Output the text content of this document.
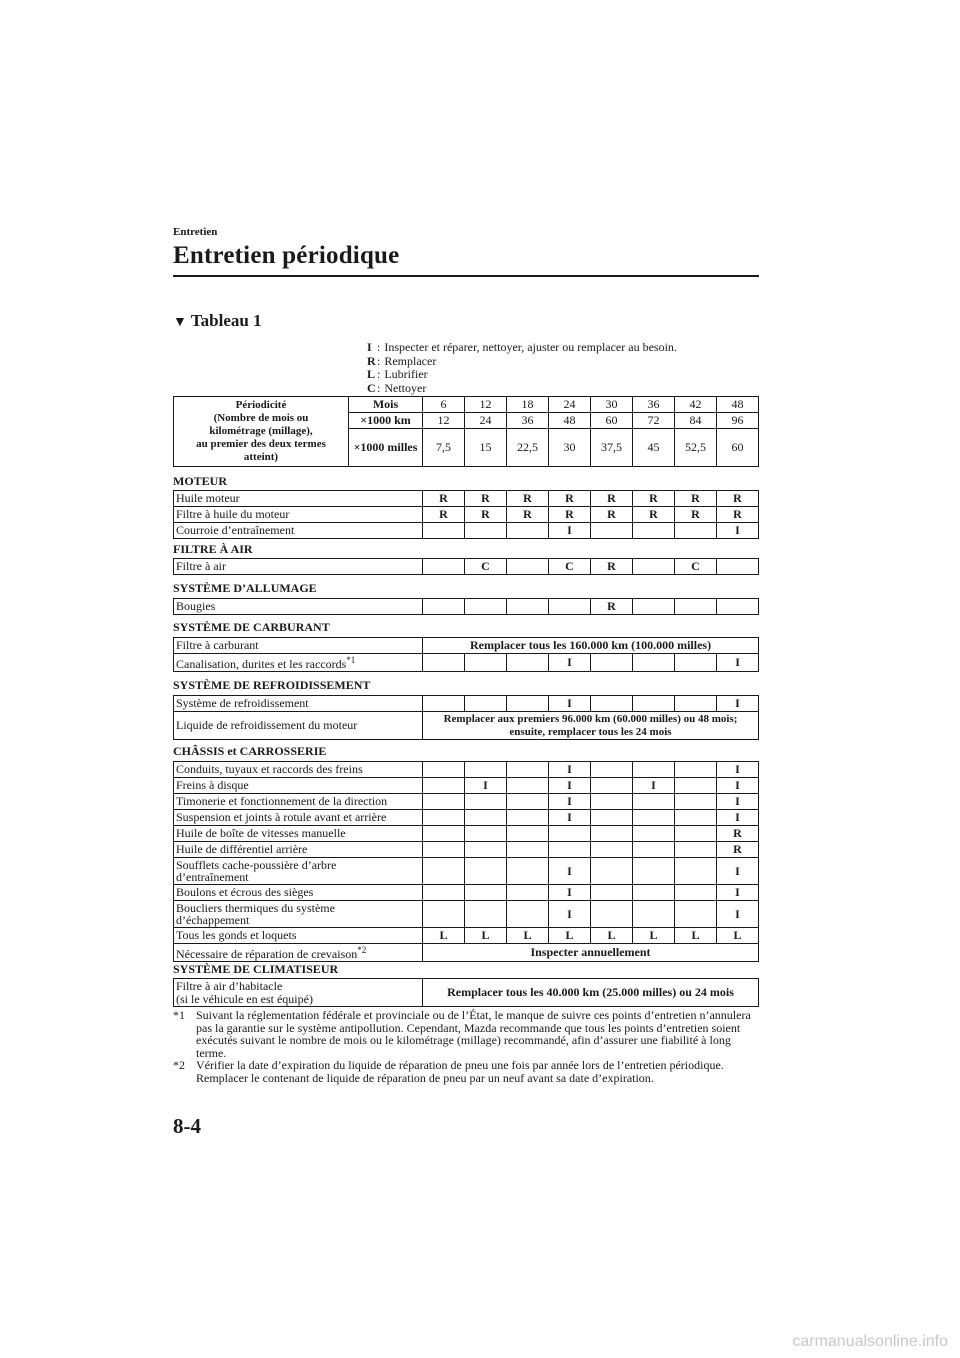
Entretien
Entretien périodique
▼ Tableau 1
I : Inspecter et réparer, nettoyer, ajuster ou remplacer au besoin.
R: Remplacer
L : Lubrifier
C: Nettoyer
Périodicité
(Nombre de mois ou
kilométrage (millage),
au premier des deux termes
atteint)	Mois	6	12	18	24	30	36	42	48
	×1000 km	12	24	36	48	60	72	84	96
	×1000 milles	7,5	15	22,5	30	37,5	45	52,5	60
MOTEUR
Huile moteur	R	R	R	R	R	R	R	R
Filtre à huile du moteur	R	R	R	R	R	R	R	R
Courroie d’entraînement				I				I
FILTRE À AIR
Filtre à air		C		C	R		C	
SYSTÈME D’ALLUMAGE
Bougies					R			
SYSTÈME DE CARBURANT
Filtre à carburant	Remplacer tous les 160.000 km (100.000 milles)							
Canalisation, durites et les raccords$^{*1}$				I				I
SYSTÈME DE REFROIDISSEMENT
Système de refroidissement				I				I
Liquide de refroidissement du moteur	Remplacer aux premiers 96.000 km (60.000 milles) ou 48 mois;
ensuite, remplacer tous les 24 mois							
CHÂSSIS et CARROSSERIE
Conduits, tuyaux et raccords des freins				I				I
Freins à disque		I		I		I		I
Timonerie et fonctionnement de la direction				I				I
Suspension et joints à rotule avant et arrière				I				I
Huile de boîte de vitesses manuelle								R
Huile de différentiel arrière								R

Soufflets cache-poussière d’arbre
d’entraînement				I				I
Boulons et écrous des sièges				I				I

Boucliers thermiques du système
d’échappement				I				I
Tous les gonds et loquets	L	L	L	L	L	L	L	L
Nécessaire de réparation de crevaison$^{*2}$	Inspecter annuellement							
SYSTÈME DE CLIMATISEUR
Filtre à air d’habitacle
(si le véhicule en est équipé)	Remplacer tous les 40.000 km (25.000 milles) ou 24 mois
*1 Suivant la réglementation fédérale et provinciale ou de l’État, le manque de suivre ces points d’entretien n’annulera pas la garantie sur le système antipollution. Cependant, Mazda recommande que tous les points d’entretien soient exécutés suivant le nombre de mois ou le kilométrage (millage) recommandé, afin d’assurer une fiabilité à long terme.
*2 Vérifier la date d’expiration du liquide de réparation de pneu une fois par année lors de l’entretien périodique. Remplacer le contenant de liquide de réparation de pneu par un neuf avant sa date d’expiration.
8-4
carmanualsonline.info
